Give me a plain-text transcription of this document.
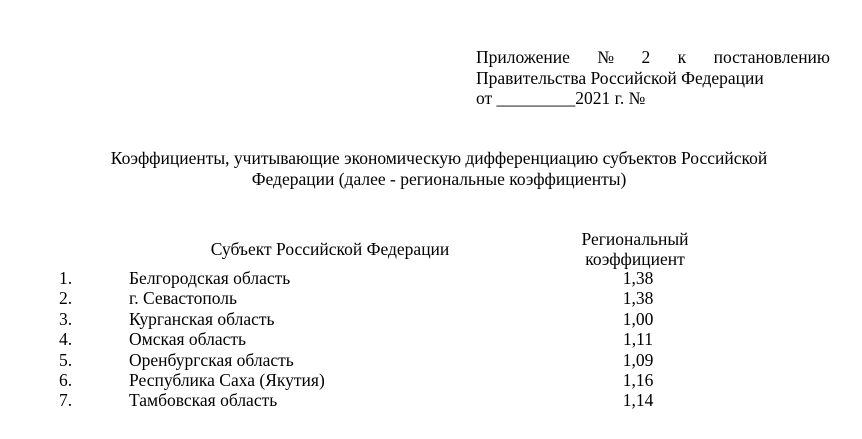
Приложение № 2 к постановлению
Правительства Российской Федерации
от _________2021 г. №
Коэффициенты, учитывающие экономическую дифференциацию субъектов Российской
Федерации (далее - региональные коэффициенты)
Субъект Российской Федерации	Региональный
коэффициент
1.	Белгородская область	1,38
2.	г. Севастополь	1,38
3.	Курганская область	1,00
4.	Омская область	1,11
5.	Оренбургская область	1,09
6.	Республика Саха (Якутия)	1,16
7.	Тамбовская область	1,14
